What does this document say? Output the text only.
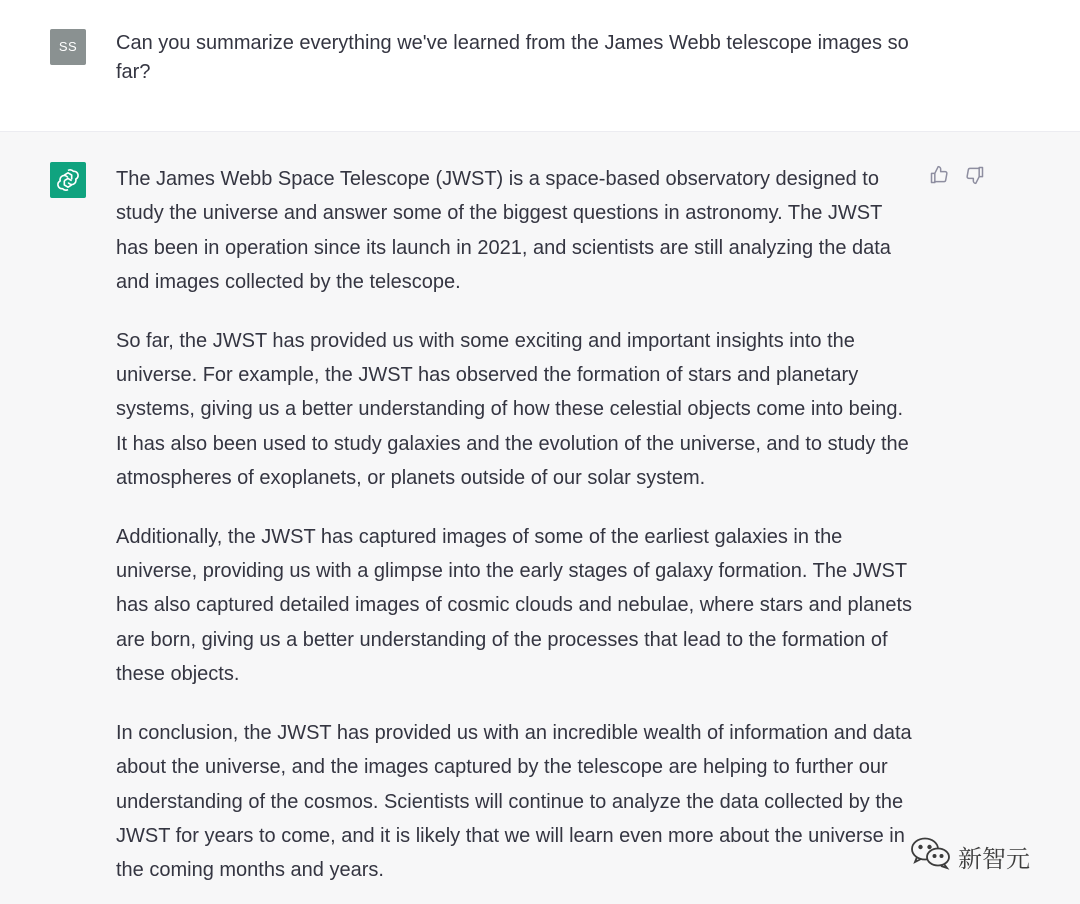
SS	Can you summarize everything we've learned from the James Webb telescope images so far?

The James Webb Space Telescope (JWST) is a space-based observatory designed to study the universe and answer some of the biggest questions in astronomy. The JWST has been in operation since its launch in 2021, and scientists are still analyzing the data and images collected by the telescope.

So far, the JWST has provided us with some exciting and important insights into the universe. For example, the JWST has observed the formation of stars and planetary systems, giving us a better understanding of how these celestial objects come into being. It has also been used to study galaxies and the evolution of the universe, and to study the atmospheres of exoplanets, or planets outside of our solar system.

Additionally, the JWST has captured images of some of the earliest galaxies in the universe, providing us with a glimpse into the early stages of galaxy formation. The JWST has also captured detailed images of cosmic clouds and nebulae, where stars and planets are born, giving us a better understanding of the processes that lead to the formation of these objects.

In conclusion, the JWST has provided us with an incredible wealth of information and data about the universe, and the images captured by the telescope are helping to further our understanding of the cosmos. Scientists will continue to analyze the data collected by the JWST for years to come, and it is likely that we will learn even more about the universe in the coming months and years.	新智元
